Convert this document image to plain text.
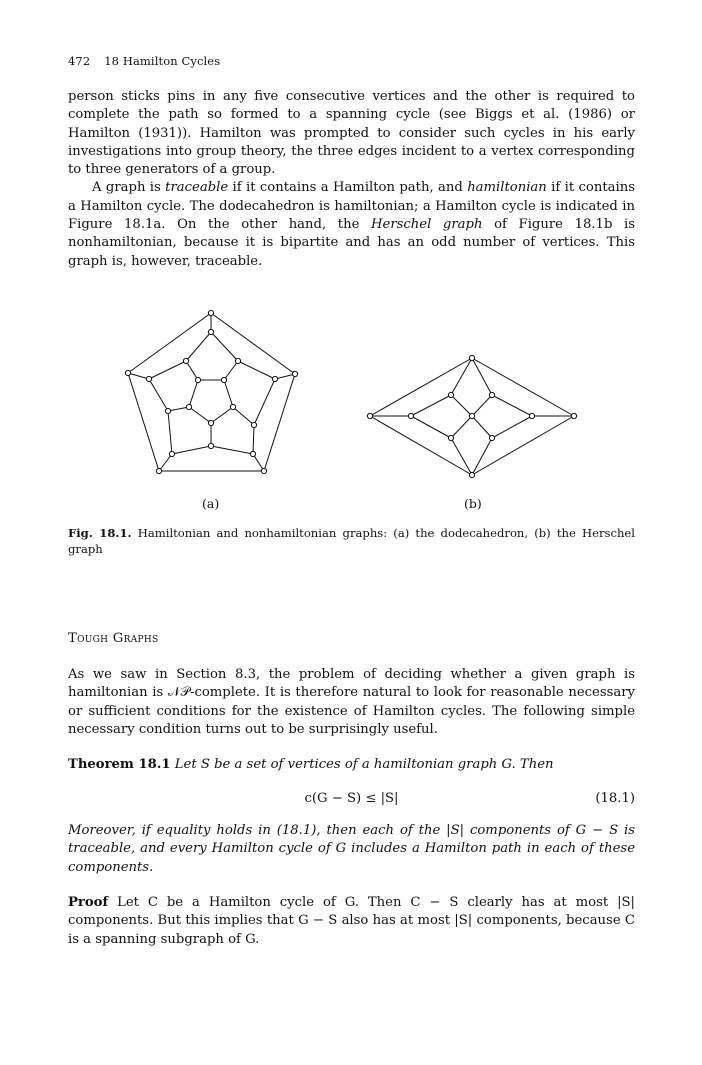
472 18 Hamilton Cycles

person sticks pins in any five consecutive vertices and the other is required to complete the path so formed to a spanning cycle (see Biggs et al. (1986) or Hamilton (1931)). Hamilton was prompted to consider such cycles in his early investigations into group theory, the three edges incident to a vertex corresponding to three generators of a group.

A graph is traceable if it contains a Hamilton path, and hamiltonian if it contains a Hamilton cycle. The dodecahedron is hamiltonian; a Hamilton cycle is indicated in Figure 18.1a. On the other hand, the Herschel graph of Figure 18.1b is nonhamiltonian, because it is bipartite and has an odd number of vertices. This graph is, however, traceable.

(a)	(b)
Fig. 18.1. Hamiltonian and nonhamiltonian graphs: (a) the dodecahedron, (b) the Herschel graph
Tough Graphs

As we saw in Section 8.3, the problem of deciding whether a given graph is hamiltonian is 𝒩𝒫-complete. It is therefore natural to look for reasonable necessary or sufficient conditions for the existence of Hamilton cycles. The following simple necessary condition turns out to be surprisingly useful.

Theorem 18.1 Let S be a set of vertices of a hamiltonian graph G. Then

c(G − S) ≤ |S|	(18.1)

Moreover, if equality holds in (18.1), then each of the |S| components of G − S is traceable, and every Hamilton cycle of G includes a Hamilton path in each of these components.

Proof Let C be a Hamilton cycle of G. Then C − S clearly has at most |S| components. But this implies that G − S also has at most |S| components, because C is a spanning subgraph of G.
